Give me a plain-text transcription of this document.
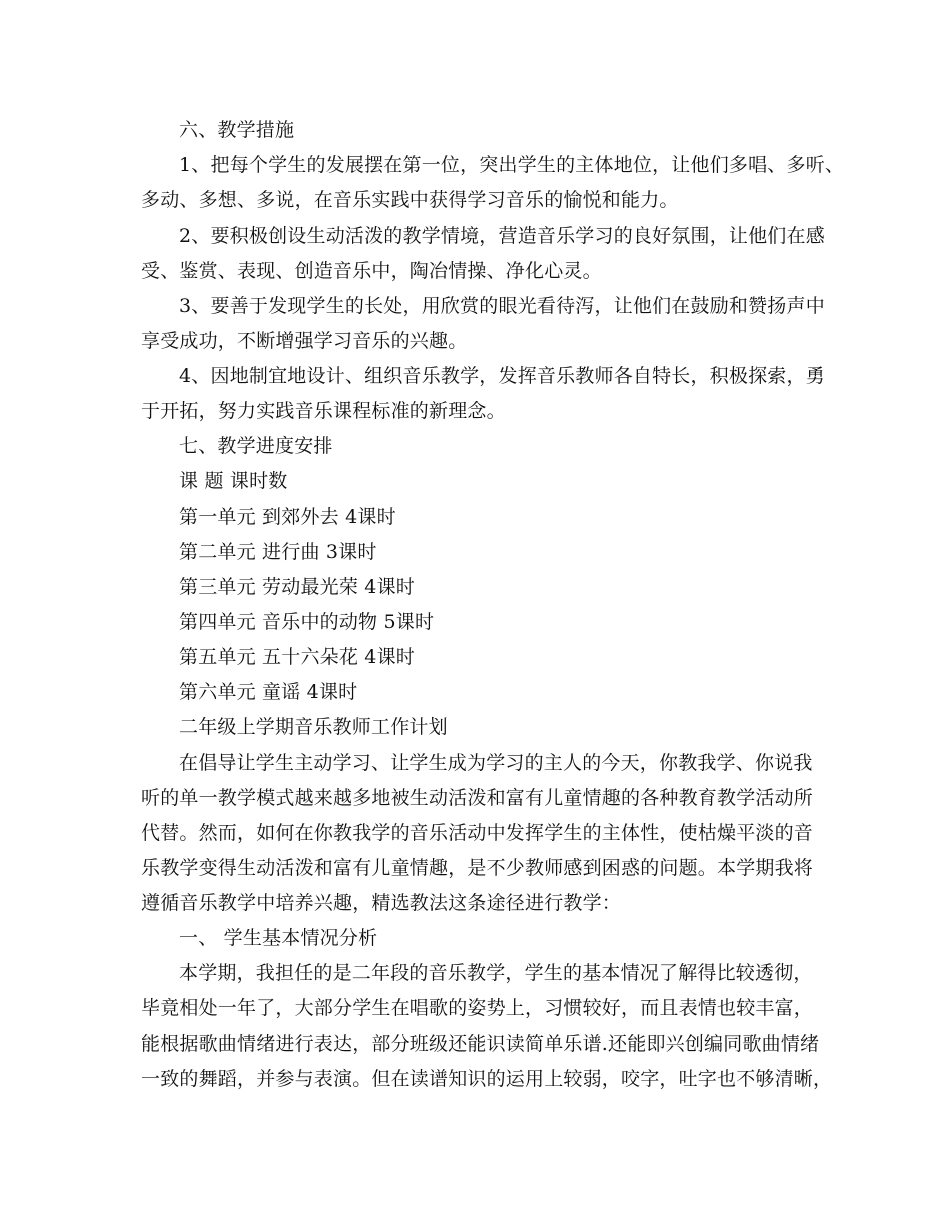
六、教学措施
1、把每个学生的发展摆在第一位，突出学生的主体地位，让他们多唱、多听、
多动、多想、多说，在音乐实践中获得学习音乐的愉悦和能力。
2、要积极创设生动活泼的教学情境，营造音乐学习的良好氛围，让他们在感
受、鉴赏、表现、创造音乐中，陶冶情操、净化心灵。
3、要善于发现学生的长处，用欣赏的眼光看待泻，让他们在鼓励和赞扬声中
享受成功，不断增强学习音乐的兴趣。
4、因地制宜地设计、组织音乐教学，发挥音乐教师各自特长，积极探索，勇
于开拓，努力实践音乐课程标准的新理念。
七、教学进度安排
课 题 课时数
第一单元 到郊外去 4课时
第二单元 进行曲 3课时
第三单元 劳动最光荣 4课时
第四单元 音乐中的动物 5课时
第五单元 五十六朵花 4课时
第六单元 童谣 4课时
二年级上学期音乐教师工作计划
在倡导让学生主动学习、让学生成为学习的主人的今天，你教我学、你说我
听的单一教学模式越来越多地被生动活泼和富有儿童情趣的各种教育教学活动所
代替。然而，如何在你教我学的音乐活动中发挥学生的主体性，使枯燥平淡的音
乐教学变得生动活泼和富有儿童情趣，是不少教师感到困惑的问题。本学期我将
遵循音乐教学中培养兴趣，精选教法这条途径进行教学：
一、 学生基本情况分析
本学期，我担任的是二年段的音乐教学，学生的基本情况了解得比较透彻，
毕竟相处一年了，大部分学生在唱歌的姿势上，习惯较好，而且表情也较丰富，
能根据歌曲情绪进行表达，部分班级还能识读简单乐谱.还能即兴创编同歌曲情绪
一致的舞蹈，并参与表演。但在读谱知识的运用上较弱，咬字，吐字也不够清晰，
